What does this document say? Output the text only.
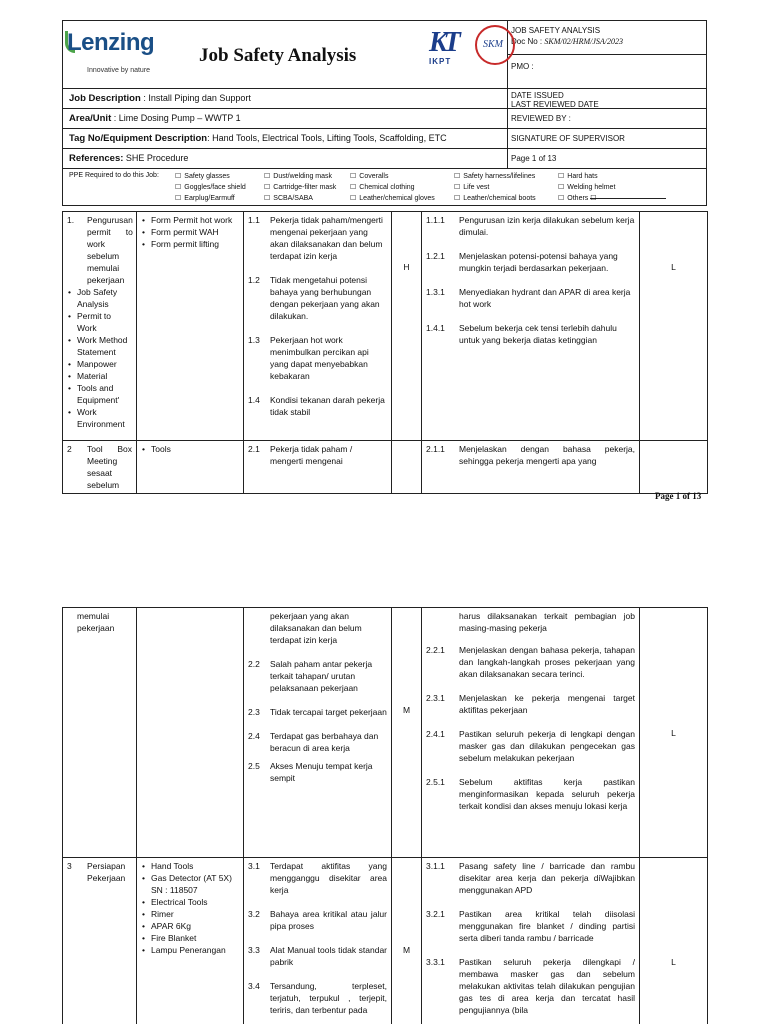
Lenzing
Innovative by nature
Job Safety Analysis	KT
IKPT
SKM
JOB SAFETY ANALYSIS
Doc No : SKM/02/HRM/JSA/2023
PMO :
Job Description : Install Piping dan Support	DATE ISSUED
LAST REVIEWED DATE
Area/Unit : Lime Dosing Pump – WWTP 1	REVIEWED BY :
Tag No/Equipment Description: Hand Tools, Electrical Tools, Lifting Tools, Scaffolding, ETC	SIGNATURE OF SUPERVISOR
References: SHE Procedure	Page 1 of 13
PPE Required to do this Job:
☐	Safety glasses
☐ Goggles/face shield
☐ Earplug/Earmuff
☐ Dust/welding mask
☐ Cartridge-filter mask
☐ SCBA/SABA
☐ Coveralls
☐ Chemical clothing
☐ Leather/chemical gloves
☐ Safety harness/lifelines
☐ Life vest
☐ Leather/chemical boots
☐ Hard hats
☐ Welding helmet
☐ Others☐
1.	Pengurusan permit to work sebelum memulai pekerjaan
• Job Safety Analysis
• Permit to Work
• Work Method Statement
• Manpower
• Material
• Tools and Equipment'
• Work Environment

• Form Permit hot work
• Form permit WAH
• Form permit lifting

1.1	Pekerja tidak paham/mengerti mengenai pekerjaan yang akan dilaksanakan dan belum terdapat izin kerja
1.2	Tidak mengetahui potensi bahaya yang berhubungan dengan pekerjaan yang akan dilakukan.
1.3	Pekerjaan hot work menimbulkan percikan api yang dapat menyebabkan kebakaran
1.4	Kondisi tekanan darah pekerja tidak stabil
	H	
1.1.1	Pengurusan izin kerja dilakukan sebelum kerja dimulai.
1.2.1	Menjelaskan potensi-potensi bahaya yang mungkin terjadi berdasarkan pekerjaan.
1.3.1	Menyediakan hydrant dan APAR di area kerja hot work
1.4.1	Sebelum bekerja cek tensi terlebih dahulu untuk yang bekerja diatas ketinggian
	L

2	Tool Box Meeting sesaat sebelum

• Tools	2.1	Pekerja tidak paham / mengerti mengenai

2.1.1	Menjelaskan dengan bahasa pekerja, sehingga pekerja mengerti apa yang

Page 1 of 13
memulai pekerjaan		
pekerjaan yang akan dilaksanakan dan belum terdapat izin kerja
2.2	Salah paham antar pekerja terkait tahapan/ urutan pelaksanaan pekerjaan
2.3	Tidak tercapai target pekerjaan
2.4	Terdapat gas berbahaya dan beracun di area kerja
2.5	Akses Menuju tempat kerja sempit
	M	
harus dilaksanakan terkait pembagian job masing-masing pekerja
2.2.1	Menjelaskan dengan bahasa pekerja, tahapan dan langkah-langkah proses pekerjaan yang akan dilaksanakan secara terinci.
2.3.1	Menjelaskan ke pekerja mengenai target aktifitas pekerjaan
2.4.1	Pastikan seluruh pekerja di lengkapi dengan masker gas dan dilakukan pengecekan gas sebelum melakukan pekerjaan
2.5.1	Sebelum aktifitas kerja pastikan menginformasikan kepada seluruh pekerja terkait kondisi dan akses menuju lokasi kerja
	L

3	Persiapan Pekerjaan

• Hand Tools
• Gas Detector (AT 5X) SN : 118507
• Electrical Tools
• Rimer
• APAR 6Kg
• Fire Blanket
• Lampu Penerangan

3.1	Terdapat aktifitas yang mengganggu disekitar area kerja
3.2	Bahaya area kritikal atau jalur pipa proses
3.3	Alat Manual tools tidak standar pabrik
3.4	Tersandung, terpleset, terjatuh, terpukul , terjepit, teriris, dan terbentur pada
	M	
3.1.1	Pasang safety line / barricade dan rambu disekitar area kerja dan pekerja diWajibkan menggunakan APD
3.2.1	Pastikan area kritikal telah diisolasi menggunakan fire blanket / dinding partisi serta diberi tanda rambu / barricade
3.3.1	Pastikan seluruh pekerja dilengkapi / membawa masker gas dan sebelum melakukan aktivitas telah dilakukan pengujian gas tes di area kerja dan tercatat hasil pengujiannya (bila
	L
